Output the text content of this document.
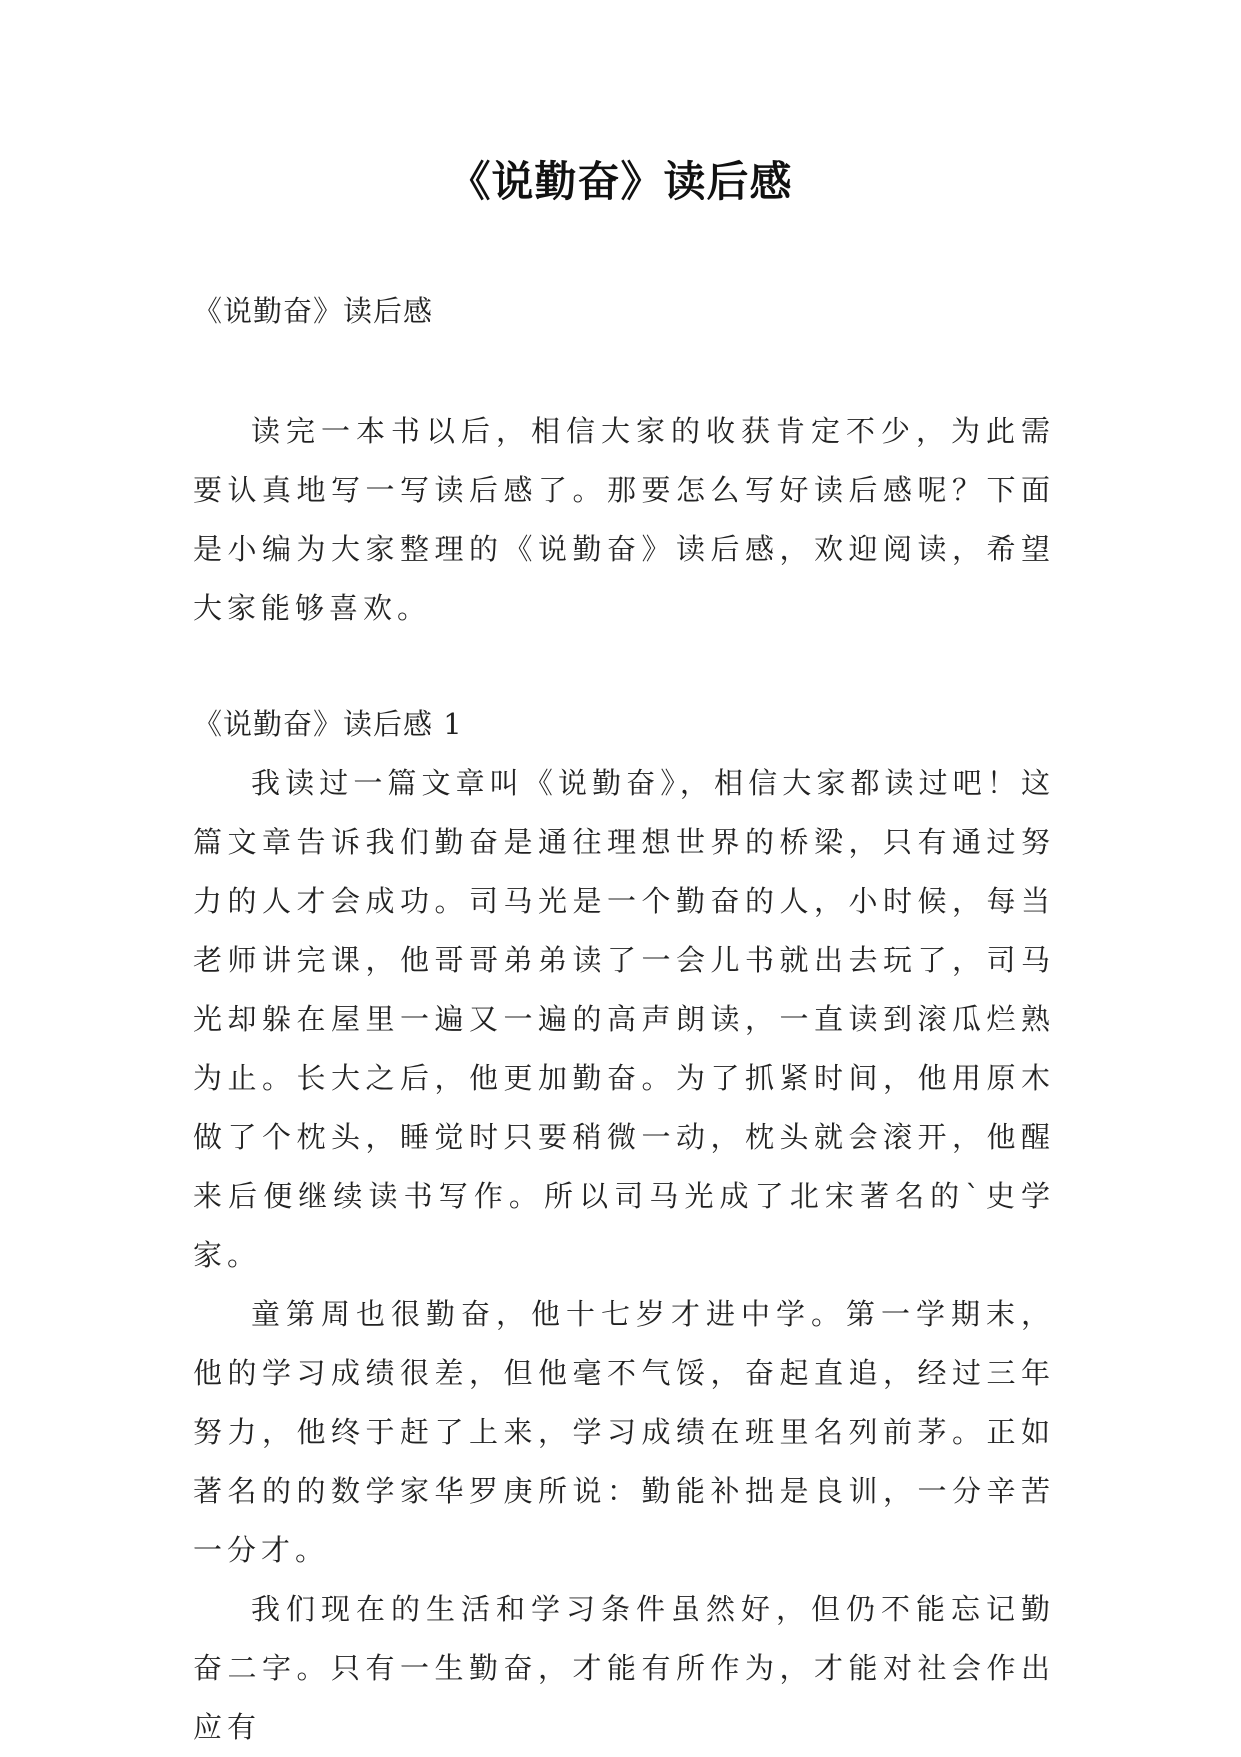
《说勤奋》读后感
《说勤奋》读后感
读完一本书以后，相信大家的收获肯定不少，为此需要认真地写一写读后感了。那要怎么写好读后感呢？下面是小编为大家整理的《说勤奋》读后感，欢迎阅读，希望大家能够喜欢。
《说勤奋》读后感 1
我读过一篇文章叫《说勤奋》，相信大家都读过吧！这篇文章告诉我们勤奋是通往理想世界的桥梁，只有通过努力的人才会成功。司马光是一个勤奋的人，小时候，每当老师讲完课，他哥哥弟弟读了一会儿书就出去玩了，司马光却躲在屋里一遍又一遍的高声朗读，一直读到滚瓜烂熟为止。长大之后，他更加勤奋。为了抓紧时间，他用原木做了个枕头，睡觉时只要稍微一动，枕头就会滚开，他醒来后便继续读书写作。所以司马光成了北宋著名的`史学家。
童第周也很勤奋，他十七岁才进中学。第一学期末，他的学习成绩很差，但他毫不气馁，奋起直追，经过三年努力，他终于赶了上来，学习成绩在班里名列前茅。正如著名的的数学家华罗庚所说：勤能补拙是良训，一分辛苦一分才。
我们现在的生活和学习条件虽然好，但仍不能忘记勤奋二字。只有一生勤奋，才能有所作为，才能对社会作出应有
